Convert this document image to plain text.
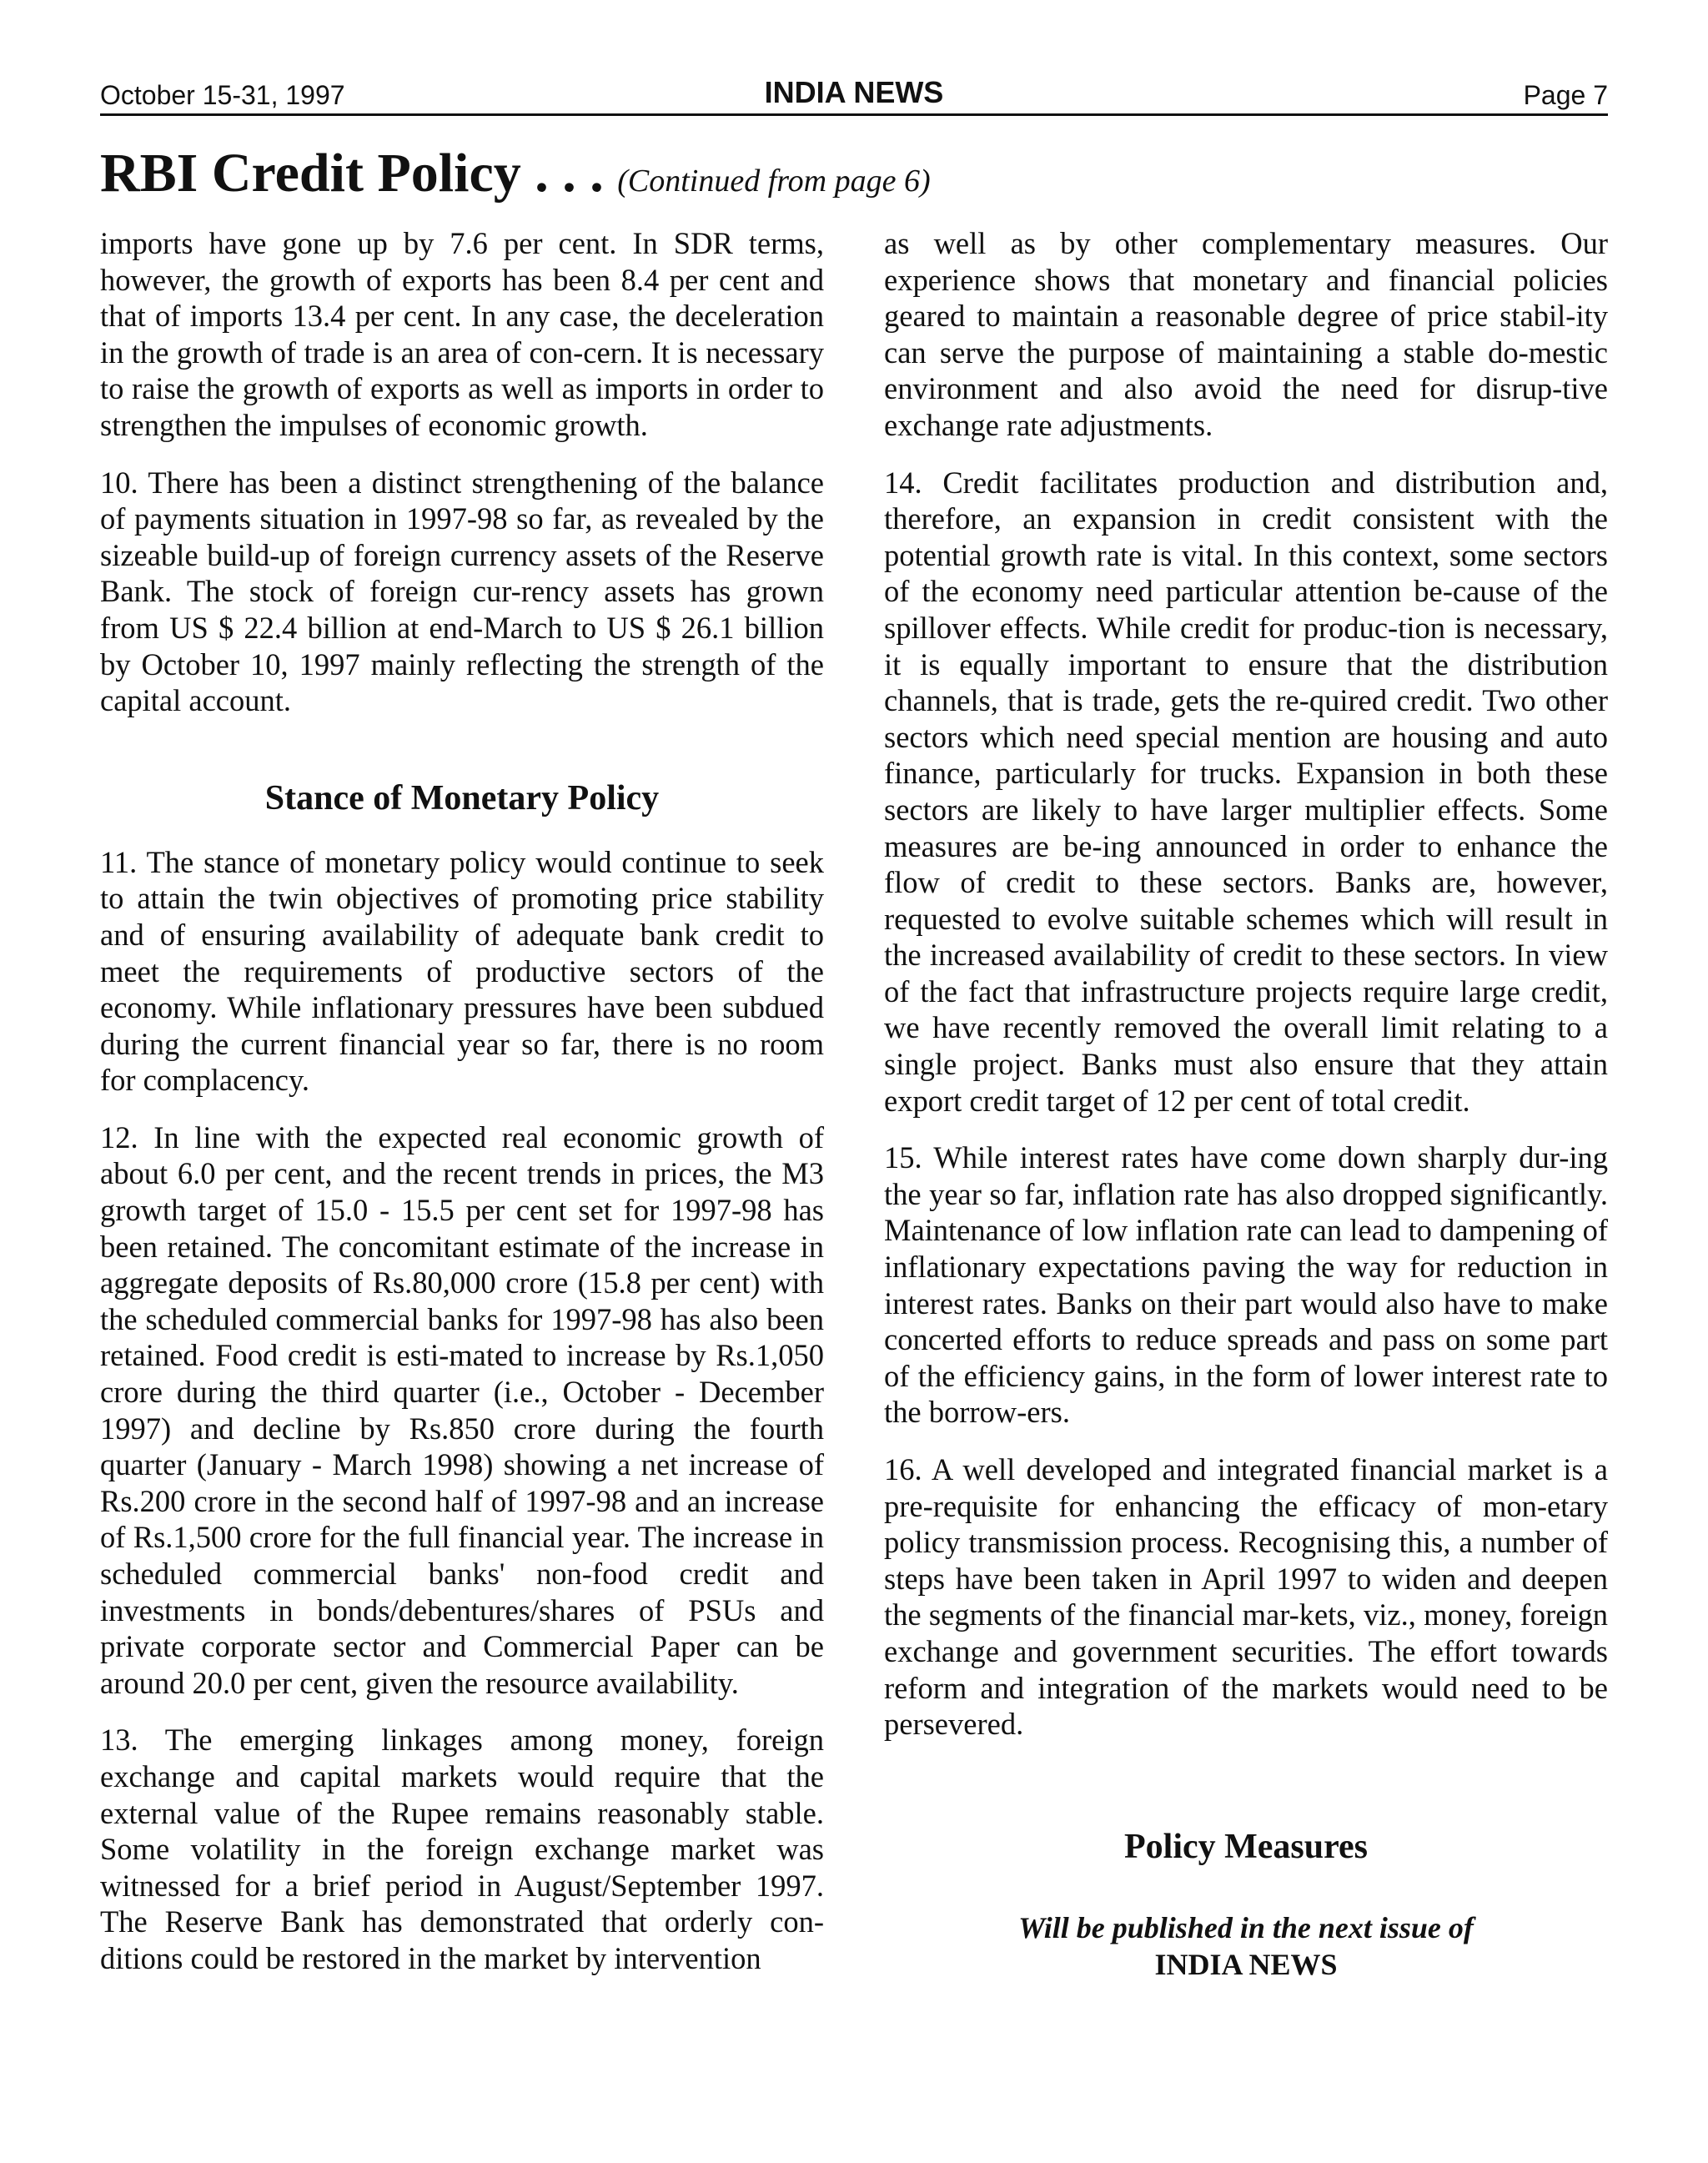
October 15-31, 1997	INDIA NEWS	Page 7
RBI Credit Policy . . . (Continued from page 6)

imports have gone up by 7.6 per cent. In SDR terms, however, the growth of exports has been 8.4 per cent and that of imports 13.4 per cent. In any case, the deceleration in the growth of trade is an area of con-cern. It is necessary to raise the growth of exports as well as imports in order to strengthen the impulses of economic growth.

10. There has been a distinct strengthening of the balance of payments situation in 1997-98 so far, as revealed by the sizeable build-up of foreign currency assets of the Reserve Bank. The stock of foreign cur-rency assets has grown from US $ 22.4 billion at end-March to US $ 26.1 billion by October 10, 1997 mainly reflecting the strength of the capital account.

Stance of Monetary Policy

11. The stance of monetary policy would continue to seek to attain the twin objectives of promoting price stability and of ensuring availability of adequate bank credit to meet the requirements of productive sectors of the economy. While inflationary pressures have been subdued during the current financial year so far, there is no room for complacency.

12. In line with the expected real economic growth of about 6.0 per cent, and the recent trends in prices, the M3 growth target of 15.0 - 15.5 per cent set for 1997-98 has been retained. The concomitant estimate of the increase in aggregate deposits of Rs.80,000 crore (15.8 per cent) with the scheduled commercial banks for 1997-98 has also been retained. Food credit is esti-mated to increase by Rs.1,050 crore during the third quarter (i.e., October - December 1997) and decline by Rs.850 crore during the fourth quarter (January - March 1998) showing a net increase of Rs.200 crore in the second half of 1997-98 and an increase of Rs.1,500 crore for the full financial year. The increase in scheduled commercial banks' non-food credit and investments in bonds/debentures/shares of PSUs and private corporate sector and Commercial Paper can be around 20.0 per cent, given the resource availability.

13. The emerging linkages among money, foreign exchange and capital markets would require that the external value of the Rupee remains reasonably stable. Some volatility in the foreign exchange market was witnessed for a brief period in August/September 1997. The Reserve Bank has demonstrated that orderly con-ditions could be restored in the market by intervention

as well as by other complementary measures. Our experience shows that monetary and financial policies geared to maintain a reasonable degree of price stabil-ity can serve the purpose of maintaining a stable do-mestic environment and also avoid the need for disrup-tive exchange rate adjustments.

14. Credit facilitates production and distribution and, therefore, an expansion in credit consistent with the potential growth rate is vital. In this context, some sectors of the economy need particular attention be-cause of the spillover effects. While credit for produc-tion is necessary, it is equally important to ensure that the distribution channels, that is trade, gets the re-quired credit. Two other sectors which need special mention are housing and auto finance, particularly for trucks. Expansion in both these sectors are likely to have larger multiplier effects. Some measures are be-ing announced in order to enhance the flow of credit to these sectors. Banks are, however, requested to evolve suitable schemes which will result in the increased availability of credit to these sectors. In view of the fact that infrastructure projects require large credit, we have recently removed the overall limit relating to a single project. Banks must also ensure that they attain export credit target of 12 per cent of total credit.

15. While interest rates have come down sharply dur-ing the year so far, inflation rate has also dropped significantly. Maintenance of low inflation rate can lead to dampening of inflationary expectations paving the way for reduction in interest rates. Banks on their part would also have to make concerted efforts to reduce spreads and pass on some part of the efficiency gains, in the form of lower interest rate to the borrow-ers.

16. A well developed and integrated financial market is a pre-requisite for enhancing the efficacy of mon-etary policy transmission process. Recognising this, a number of steps have been taken in April 1997 to widen and deepen the segments of the financial mar-kets, viz., money, foreign exchange and government securities. The effort towards reform and integration of the markets would need to be persevered.

Policy Measures
Will be published in the next issue of
INDIA NEWS
